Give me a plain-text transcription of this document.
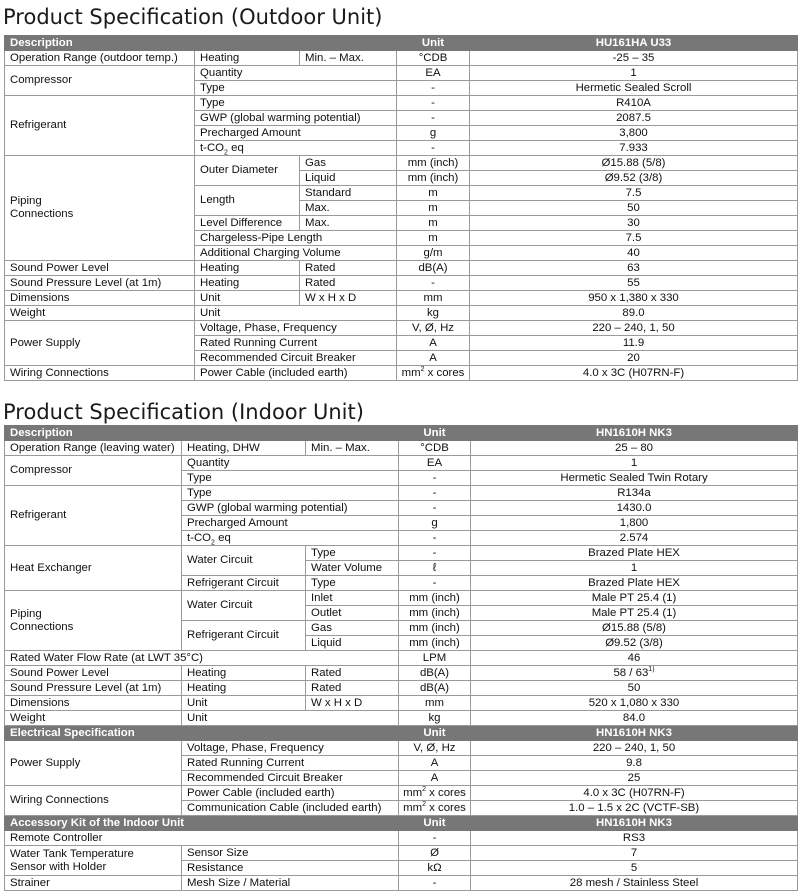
Product Specification (Outdoor Unit)
Description			Unit	HU161HA U33
Operation Range (outdoor temp.)	Heating	Min. – Max.	°CDB	-25 – 35
Compressor	Quantity		EA	1
	Type		-	Hermetic Sealed Scroll
Refrigerant	Type		-	R410A
	GWP (global warming potential)		-	2087.5
	Precharged Amount		g	3,800
	$t-CO_2$ eq		-	7.933
Piping
Connections	Outer Diameter	Gas	mm (inch)	Ø15.88 (5/8)
		Liquid	mm (inch)	Ø9.52 (3/8)
	Length	Standard	m	7.5
		Max.	m	50
	Level Difference	Max.	m	30
	Chargeless-Pipe Length		m	7.5
	Additional Charging Volume		g/m	40
Sound Power Level	Heating	Rated	dB(A)	63
Sound Pressure Level (at 1m)	Heating	Rated	-	55
Dimensions	Unit	W x H x D	mm	950 x 1,380 x 330
Weight	Unit		kg	89.0
Power Supply	Voltage, Phase, Frequency		V, Ø, Hz	220 – 240, 1, 50
	Rated Running Current		A	11.9
	Recommended Circuit Breaker		A	20
Wiring Connections	Power Cable (included earth)		$mm^2$ x cores	4.0 x 3C (H07RN-F)
Product Specification (Indoor Unit)
Description			Unit	HN1610H NK3
Operation Range (leaving water)	Heating, DHW	Min. – Max.	°CDB	25 – 80
Compressor	Quantity		EA	1
	Type		-	Hermetic Sealed Twin Rotary
Refrigerant	Type		-	R134a
	GWP (global warming potential)		-	1430.0
	Precharged Amount		g	1,800
	$t-CO_2$ eq		-	2.574
Heat Exchanger	Water Circuit	Type	-	Brazed Plate HEX
		Water Volume	ℓ	1
	Refrigerant Circuit	Type	-	Brazed Plate HEX
Piping
Connections	Water Circuit	Inlet	mm (inch)	Male PT 25.4 (1)
		Outlet	mm (inch)	Male PT 25.4 (1)
	Refrigerant Circuit	Gas	mm (inch)	Ø15.88 (5/8)
		Liquid	mm (inch)	Ø9.52 (3/8)
Rated Water Flow Rate (at LWT 35°C)			LPM	46
Sound Power Level	Heating	Rated	dB(A)	58 / 63$^{1)}$
Sound Pressure Level (at 1m)	Heating	Rated	dB(A)	50
Dimensions	Unit	W x H x D	mm	520 x 1,080 x 330
Weight	Unit		kg	84.0
Electrical Specification			Unit	HN1610H NK3
Power Supply	Voltage, Phase, Frequency		V, Ø, Hz	220 – 240, 1, 50
	Rated Running Current		A	9.8
	Recommended Circuit Breaker		A	25
Wiring Connections	Power Cable (included earth)		$mm^2$ x cores	4.0 x 3C (H07RN-F)
	Communication Cable (included earth)		$mm^2$ x cores	1.0 – 1.5 x 2C (VCTF-SB)
Accessory Kit of the Indoor Unit			Unit	HN1610H NK3
Remote Controller			-	RS3
Water Tank Temperature
Sensor with Holder	Sensor Size		Ø	7
	Resistance		kΩ	5
Strainer	Mesh Size / Material		-	28 mesh / Stainless Steel
